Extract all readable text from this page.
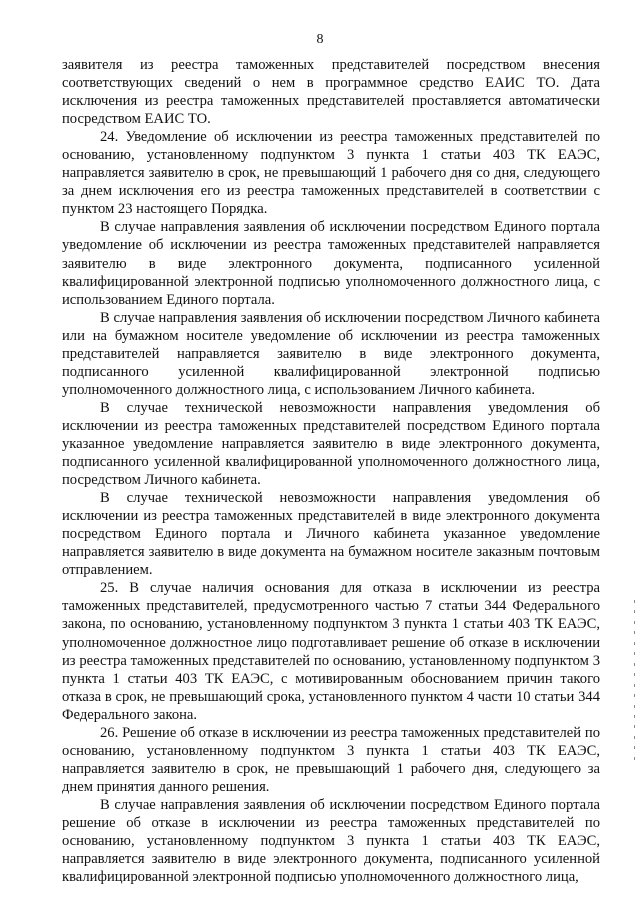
8

заявителя из реестра таможенных представителей посредством внесения соответствующих сведений о нем в программное средство ЕАИС ТО. Дата исключения из реестра таможенных представителей проставляется автоматически посредством ЕАИС ТО.

24. Уведомление об исключении из реестра таможенных представителей по основанию, установленному подпунктом 3 пункта 1 статьи 403 ТК ЕАЭС, направляется заявителю в срок, не превышающий 1 рабочего дня со дня, следующего за днем исключения его из реестра таможенных представителей в соответствии с пунктом 23 настоящего Порядка.

В случае направления заявления об исключении посредством Единого портала уведомление об исключении из реестра таможенных представителей направляется заявителю в виде электронного документа, подписанного усиленной квалифицированной электронной подписью уполномоченного должностного лица, с использованием Единого портала.

В случае направления заявления об исключении посредством Личного кабинета или на бумажном носителе уведомление об исключении из реестра таможенных представителей направляется заявителю в виде электронного документа, подписанного усиленной квалифицированной электронной подписью уполномоченного должностного лица, с использованием Личного кабинета.

В случае технической невозможности направления уведомления об исключении из реестра таможенных представителей посредством Единого портала указанное уведомление направляется заявителю в виде электронного документа, подписанного усиленной квалифицированной уполномоченного должностного лица, посредством Личного кабинета.

В случае технической невозможности направления уведомления об исключении из реестра таможенных представителей в виде электронного документа посредством Единого портала и Личного кабинета указанное уведомление направляется заявителю в виде документа на бумажном носителе заказным почтовым отправлением.

25. В случае наличия основания для отказа в исключении из реестра таможенных представителей, предусмотренного частью 7 статьи 344 Федерального закона, по основанию, установленному подпунктом 3 пункта 1 статьи 403 ТК ЕАЭС, уполномоченное должностное лицо подготавливает решение об отказе в исключении из реестра таможенных представителей по основанию, установленному подпунктом 3 пункта 1 статьи 403 ТК ЕАЭС, с мотивированным обоснованием причин такого отказа в срок, не превышающий срока, установленного пунктом 4 части 10 статьи 344 Федерального закона.

26. Решение об отказе в исключении из реестра таможенных представителей по основанию, установленному подпунктом 3 пункта 1 статьи 403 ТК ЕАЭС, направляется заявителю в срок, не превышающий 1 рабочего дня, следующего за днем принятия данного решения.

В случае направления заявления об исключении посредством Единого портала решение об отказе в исключении из реестра таможенных представителей по основанию, установленному подпунктом 3 пункта 1 статьи 403 ТК ЕАЭС, направляется заявителю в виде электронного документа, подписанного усиленной квалифицированной электронной подписью уполномоченного должностного лица,
